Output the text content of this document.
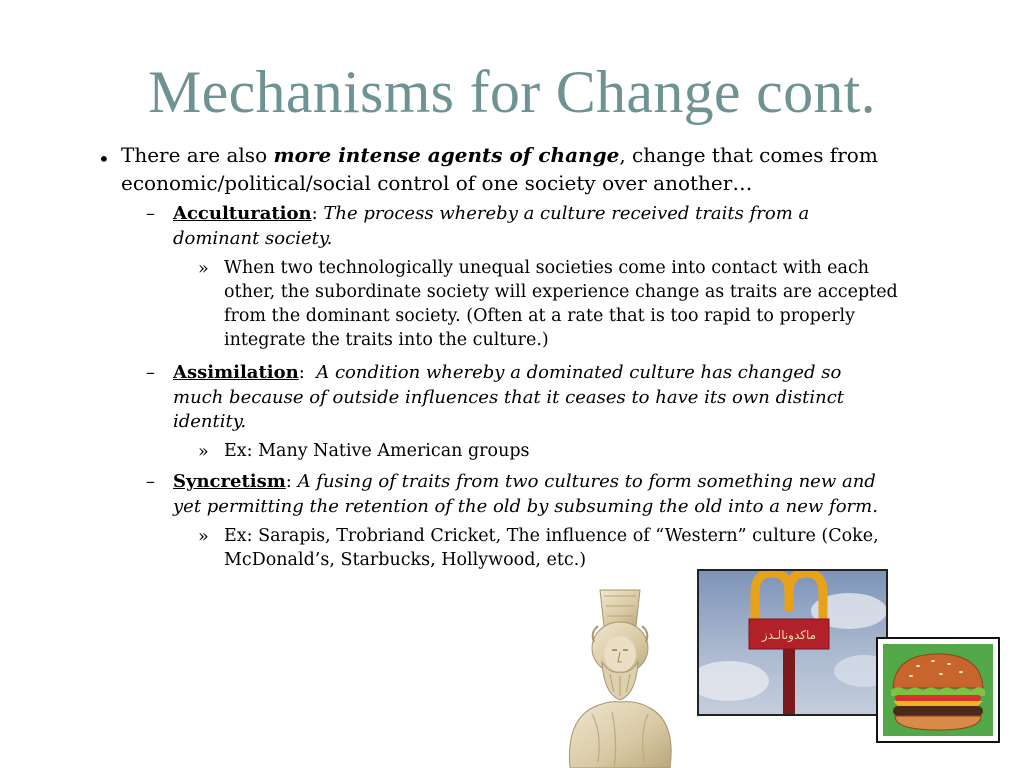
Mechanisms for Change cont.
• There are also more intense agents of change, change that comes from
economic/political/social control of one society over another…
– Acculturation: The process whereby a culture received traits from a
dominant society.
» When two technologically unequal societies come into contact with each
other, the subordinate society will experience change as traits are accepted
from the dominant society. (Often at a rate that is too rapid to properly
integrate the traits into the culture.)
– Assimilation:  A condition whereby a dominated culture has changed so
much because of outside influences that it ceases to have its own distinct
identity.
» Ex: Many Native American groups
– Syncretism: A fusing of traits from two cultures to form something new and
yet permitting the retention of the old by subsuming the old into a new form.
» Ex: Sarapis, Trobriand Cricket, The influence of “Western” culture (Coke,
McDonald’s, Starbucks, Hollywood, etc.)
ماكدونالـدز
